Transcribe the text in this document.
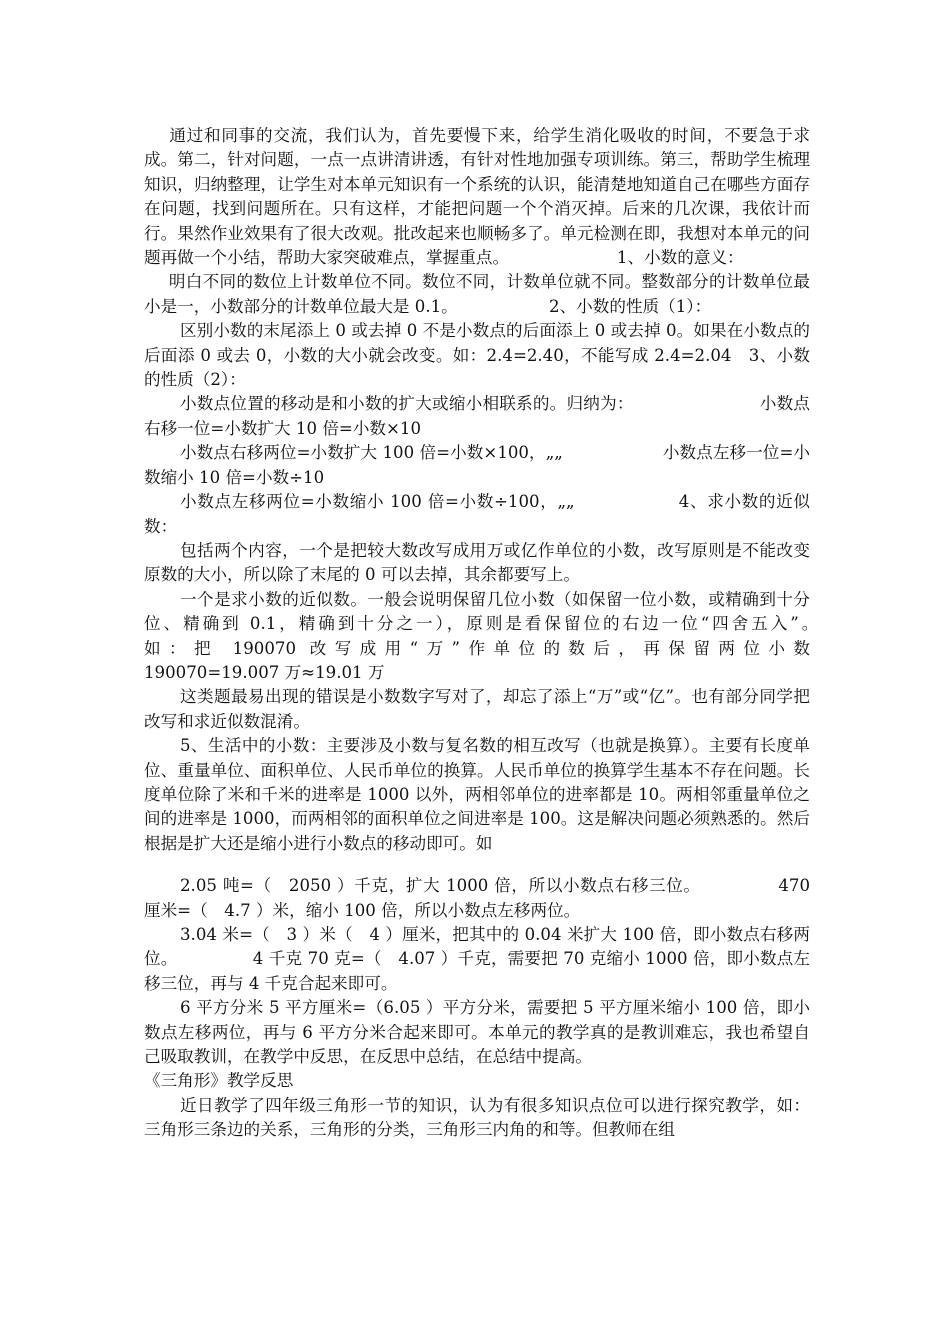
　通过和同事的交流，我们认为，首先要慢下来，给学生消化吸收的时间，不要急于求成。第二，针对问题，一点一点讲清讲透，有针对性地加强专项训练。第三，帮助学生梳理知识，归纳整理，让学生对本单元知识有一个系统的认识，能清楚地知道自己在哪些方面存在问题，找到问题所在。只有这样，才能把问题一个个消灭掉。后来的几次课，我依计而行。果然作业效果有了很大改观。批改起来也顺畅多了。单元检测在即，我想对本单元的问题再做一个小结，帮助大家突破难点，掌握重点。　　　　　　　1、小数的意义：

　明白不同的数位上计数单位不同。数位不同，计数单位就不同。整数部分的计数单位最小是一，小数部分的计数单位最大是 0.1。　　　　　　2、小数的性质（1）：

区别小数的末尾添上 0 或去掉 0 不是小数点的后面添上 0 或去掉 0。如果在小数点的后面添 0 或去 0，小数的大小就会改变。如：2.4=2.40，不能写成 2.4=2.04　3、小数的性质（2）：

小数点位置的移动是和小数的扩大或缩小相联系的。归纳为：　　　　　　　　小数点右移一位=小数扩大 10 倍=小数×10

小数点右移两位=小数扩大 100 倍=小数×100，„„　　　　　　小数点左移一位=小数缩小 10 倍=小数÷10

小数点左移两位=小数缩小 100 倍=小数÷100，„„　　　　　　4、求小数的近似数：

包括两个内容，一个是把较大数改写成用万或亿作单位的小数，改写原则是不能改变原数的大小，所以除了末尾的 0 可以去掉，其余都要写上。

一个是求小数的近似数。一般会说明保留几位小数（如保留一位小数，或精确到十分位、精确到 0.1，精确到十分之一），原则是看保留位的右边一位“四舍五入”。　　　　　如：把 190070 改写成用“万”作单位的数后，再保留两位小数　　　　　190070=19.007 万≈19.01 万

这类题最易出现的错误是小数数字写对了，却忘了添上“万”或“亿”。也有部分同学把改写和求近似数混淆。

5、生活中的小数：主要涉及小数与复名数的相互改写（也就是换算）。主要有长度单位、重量单位、面积单位、人民币单位的换算。人民币单位的换算学生基本不存在问题。长度单位除了米和千米的进率是 1000 以外，两相邻单位的进率都是 10。两相邻重量单位之间的进率是 1000，而两相邻的面积单位之间进率是 100。这是解决问题必须熟悉的。然后根据是扩大还是缩小进行小数点的移动即可。如

2.05 吨=（　2050 ）千克，扩大 1000 倍，所以小数点右移三位。　　　　　470 厘米=（　4.7 ）米，缩小 100 倍，所以小数点左移两位。

3.04 米=（　3 ）米（　4 ）厘米，把其中的 0.04 米扩大 100 倍，即小数点右移两位。　　　　　4 千克 70 克=（　4.07 ）千克，需要把 70 克缩小 1000 倍，即小数点左移三位，再与 4 千克合起来即可。

6 平方分米 5 平方厘米=（6.05 ）平方分米，需要把 5 平方厘米缩小 100 倍，即小数点左移两位，再与 6 平方分米合起来即可。本单元的教学真的是教训难忘，我也希望自己吸取教训，在教学中反思，在反思中总结，在总结中提高。

《三角形》教学反思

近日教学了四年级三角形一节的知识，认为有很多知识点位可以进行探究教学，如：三角形三条边的关系，三角形的分类，三角形三内角的和等。但教师在组
